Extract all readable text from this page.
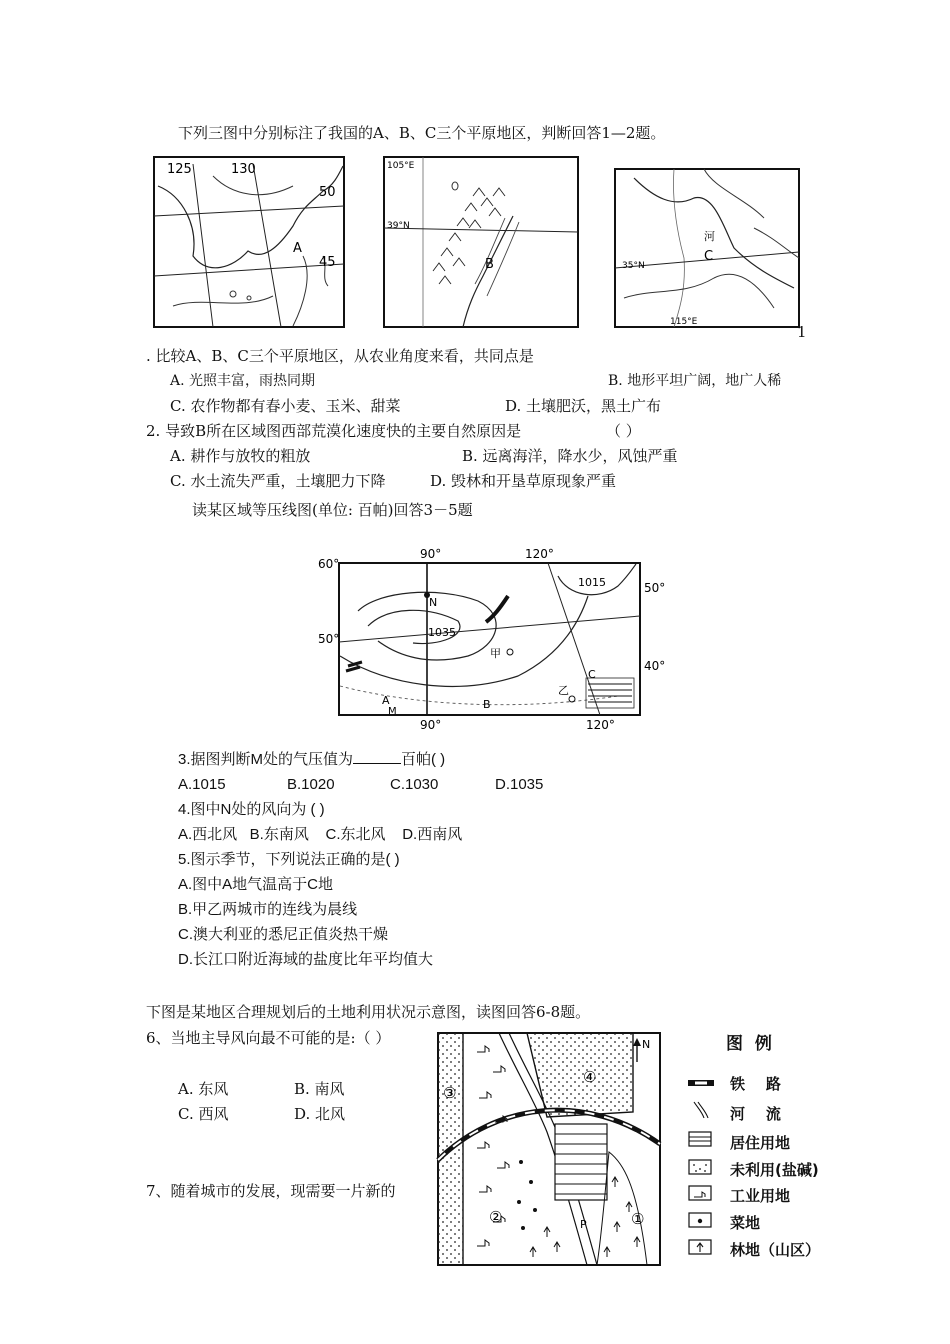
下列三图中分别标注了我国的A、B、C三个平原地区，判断回答1—2题。
125	130
50
45
A
105°E
39°N
B	35°N
115°E
C
河
1
. 比较A、B、C三个平原地区，从农业角度来看，共同点是
A. 光照丰富，雨热同期	B. 地形平坦广阔，地广人稀
C. 农作物都有春小麦、玉米、甜菜	D. 土壤肥沃，黑土广布
2. 导致B所在区域图西部荒漠化速度快的主要自然原因是	（ ）
A. 耕作与放牧的粗放	B. 远离海洋，降水少，风蚀严重
C. 水土流失严重，土壤肥力下降	D. 毁林和开垦草原现象严重
读某区域等压线图(单位: 百帕)回答3－5题
90°	120°
90°	120°
60°
50°
50°
40°
1015
1035
N
甲
乙
A
M
B
C
3.据图判断M处的气压值为	百帕( )
A.1015	B.1020	C.1030	D.1035
4.图中N处的风向为 ( )
A.西北风   B.东南风    C.东北风    D.西南风
5.图示季节，下列说法正确的是( )
A.图中A地气温高于C地
B.甲乙两城市的连线为晨线
C.澳大利亚的悉尼正值炎热干燥
D.长江口附近海域的盐度比年平均值大
下图是某地区合理规划后的土地利用状况示意图，读图回答6-8题。
6、当地主导风向最不可能的是:（ ）
A. 东风	B. 南风
C. 西风	D. 北风
7、随着城市的发展，现需要一片新的
N
④
③
②	①
P
图  例
铁    路
河    流
居住用地
未利用(盐碱)
工业用地
菜地
林地（山区）
